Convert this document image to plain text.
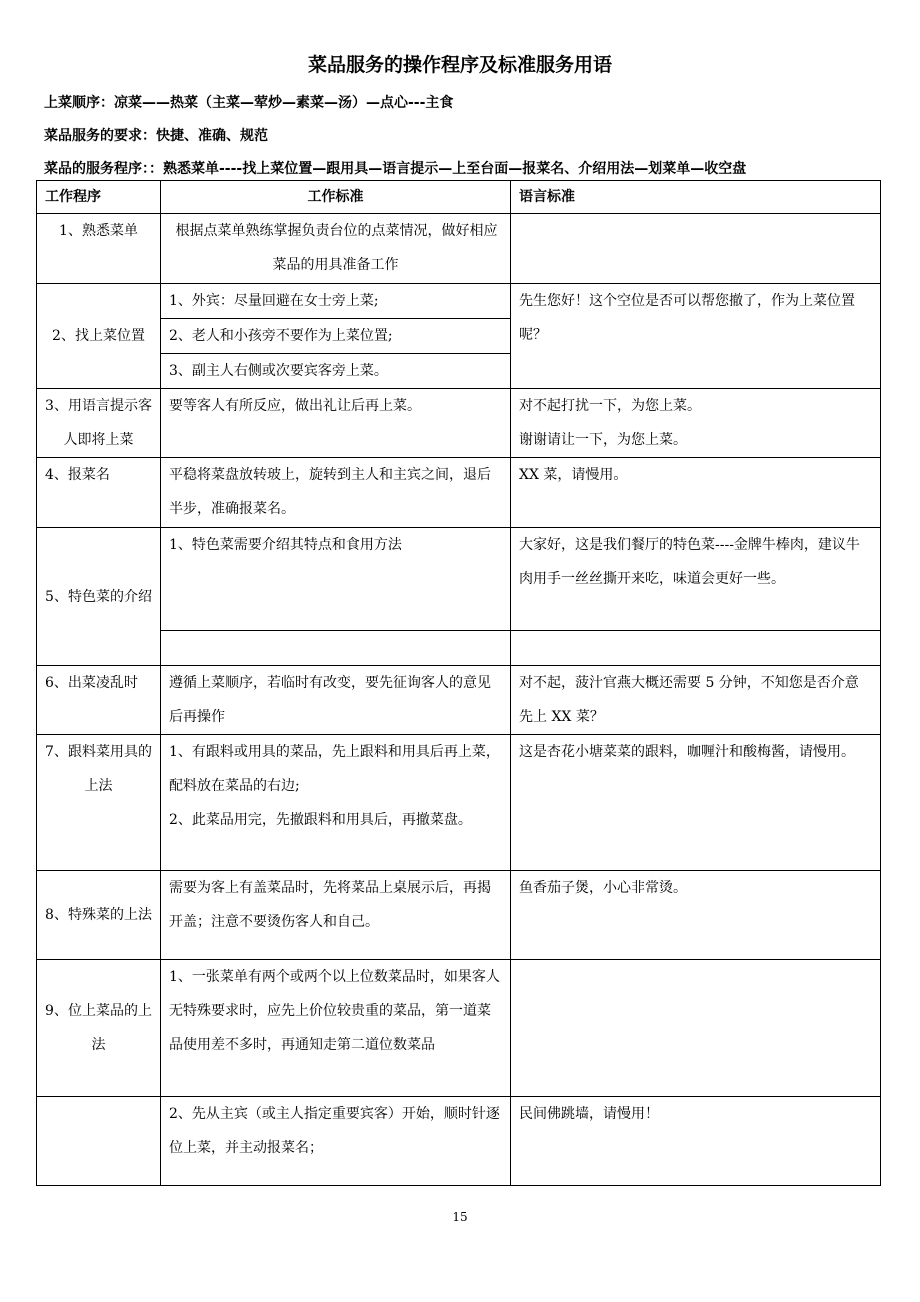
菜品服务的操作程序及标准服务用语
上菜顺序：凉菜——热菜（主菜—荤炒—素菜—汤）—点心---主食
菜品服务的要求：快捷、准确、规范
菜品的服务程序：：熟悉菜单----找上菜位置—跟用具—语言提示—上至台面—报菜名、介绍用法—划菜单—收空盘
工作程序	工作标准	语言标准
1、熟悉菜单	根据点菜单熟练掌握负责台位的点菜情况，做好相应菜品的用具准备工作	
2、找上菜位置	1、外宾：尽量回避在女士旁上菜;
2、老人和小孩旁不要作为上菜位置;
3、副主人右侧或次要宾客旁上菜。	先生您好！这个空位是否可以帮您撤了，作为上菜位置呢？
3、用语言提示客人即将上菜	要等客人有所反应，做出礼让后再上菜。	对不起打扰一下，为您上菜。
谢谢请让一下，为您上菜。

4、报菜名	平稳将菜盘放转玻上，旋转到主人和主宾之间，退后半步，准确报菜名。	XX 菜，请慢用。
5、特色菜的介绍	1、特色菜需要介绍其特点和食用方法	大家好，这是我们餐厅的特色菜----金牌牛棒肉，建议牛肉用手一丝丝撕开来吃，味道会更好一些。

6、出菜凌乱时	遵循上菜顺序，若临时有改变，要先征询客人的意见后再操作	对不起，菠汁官燕大概还需要 5 分钟，不知您是否介意先上 XX 菜？
7、跟料菜用具的上法	1、有跟料或用具的菜品，先上跟料和用具后再上菜，配料放在菜品的右边;
2、此菜品用完，先撤跟料和用具后，再撤菜盘。	这是杏花小塘菜菜的跟料，咖喱汁和酸梅酱，请慢用。
8、特殊菜的上法	需要为客上有盖菜品时，先将菜品上桌展示后，再揭开盖；注意不要烫伤客人和自己。	鱼香茄子煲，小心非常烫。
9、位上菜品的上法	1、一张菜单有两个或两个以上位数菜品时，如果客人无特殊要求时，应先上价位较贵重的菜品，第一道菜品使用差不多时，再通知走第二道位数菜品	
	2、先从主宾（或主人指定重要宾客）开始，顺时针逐位上菜，并主动报菜名；	民间佛跳墙，请慢用！
15
